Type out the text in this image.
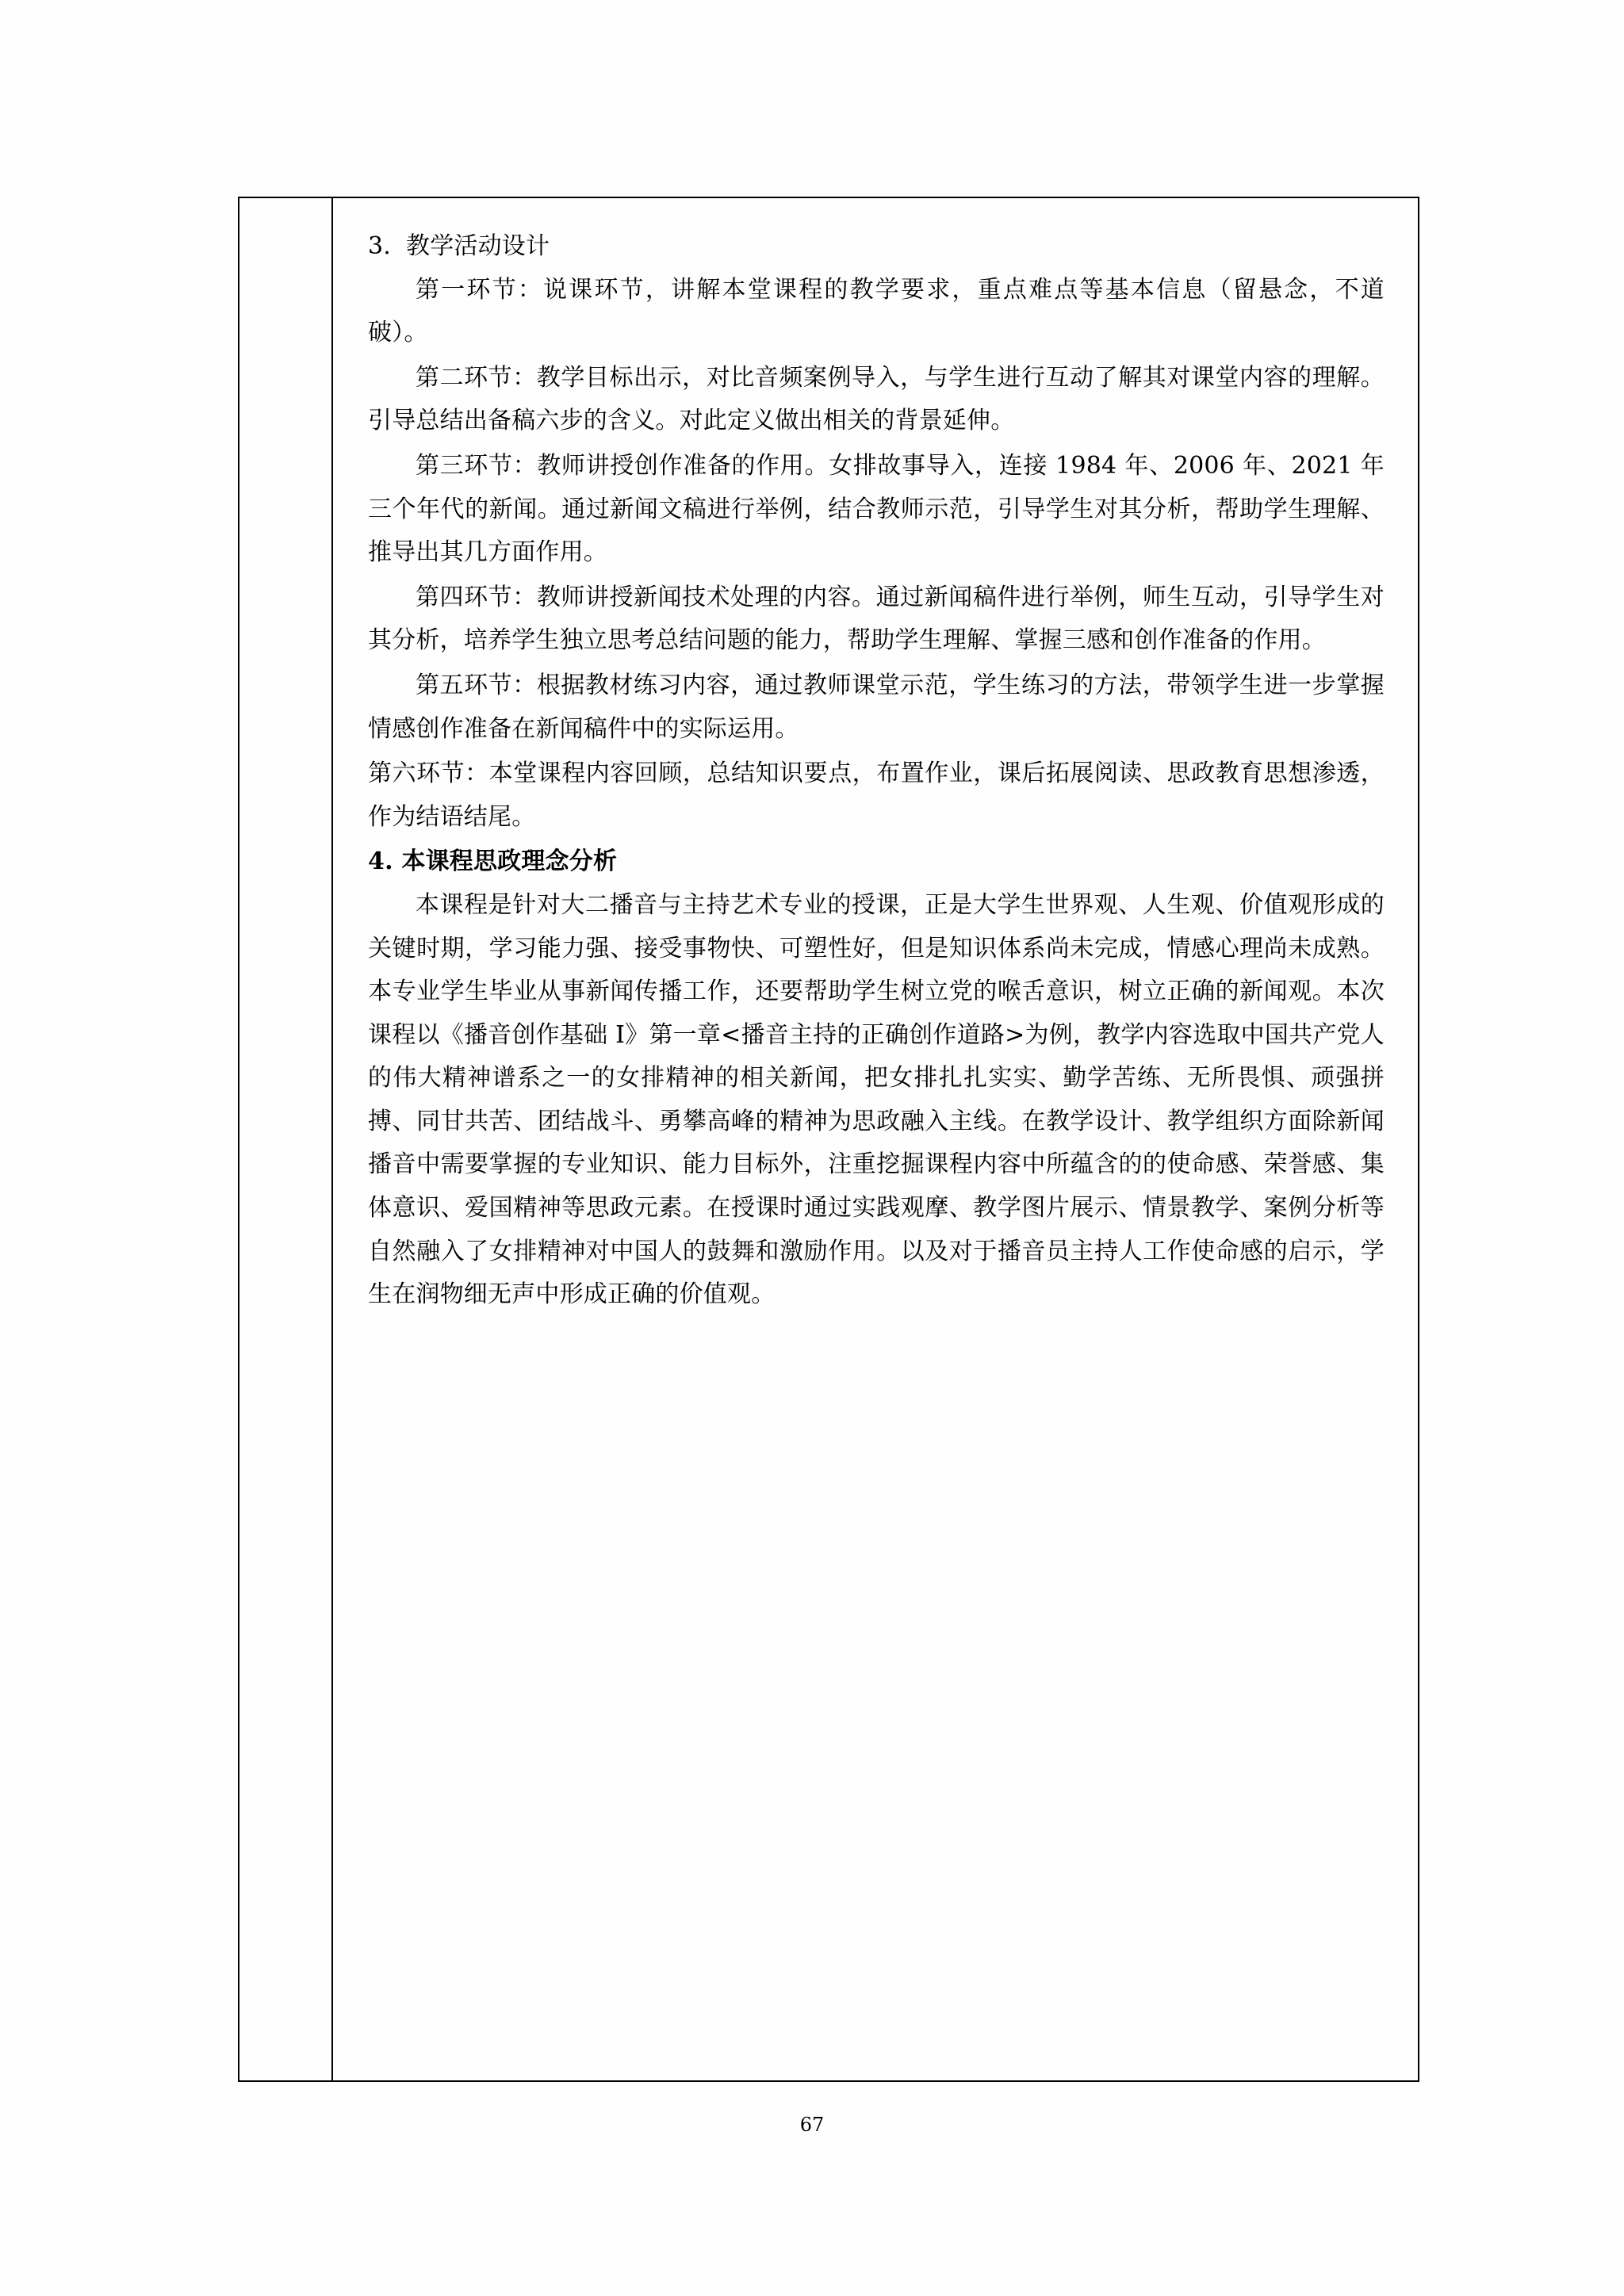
3. 教学活动设计

第一环节：说课环节，讲解本堂课程的教学要求，重点难点等基本信息（留悬念，不道破）。

第二环节：教学目标出示，对比音频案例导入，与学生进行互动了解其对课堂内容的理解。引导总结出备稿六步的含义。对此定义做出相关的背景延伸。

第三环节：教师讲授创作准备的作用。女排故事导入，连接 1984 年、2006 年、2021 年三个年代的新闻。通过新闻文稿进行举例，结合教师示范，引导学生对其分析，帮助学生理解、推导出其几方面作用。

第四环节：教师讲授新闻技术处理的内容。通过新闻稿件进行举例，师生互动，引导学生对其分析，培养学生独立思考总结问题的能力，帮助学生理解、掌握三感和创作准备的作用。

第五环节：根据教材练习内容，通过教师课堂示范，学生练习的方法，带领学生进一步掌握情感创作准备在新闻稿件中的实际运用。

第六环节：本堂课程内容回顾，总结知识要点，布置作业，课后拓展阅读、思政教育思想渗透，作为结语结尾。

4. 本课程思政理念分析

本课程是针对大二播音与主持艺术专业的授课，正是大学生世界观、人生观、价值观形成的关键时期，学习能力强、接受事物快、可塑性好，但是知识体系尚未完成，情感心理尚未成熟。本专业学生毕业从事新闻传播工作，还要帮助学生树立党的喉舌意识，树立正确的新闻观。本次课程以《播音创作基础 I》第一章<播音主持的正确创作道路>为例，教学内容选取中国共产党人的伟大精神谱系之一的女排精神的相关新闻，把女排扎扎实实、勤学苦练、无所畏惧、顽强拼搏、同甘共苦、团结战斗、勇攀高峰的精神为思政融入主线。在教学设计、教学组织方面除新闻播音中需要掌握的专业知识、能力目标外，注重挖掘课程内容中所蕴含的的使命感、荣誉感、集体意识、爱国精神等思政元素。在授课时通过实践观摩、教学图片展示、情景教学、案例分析等自然融入了女排精神对中国人的鼓舞和激励作用。以及对于播音员主持人工作使命感的启示，学生在润物细无声中形成正确的价值观。

67
